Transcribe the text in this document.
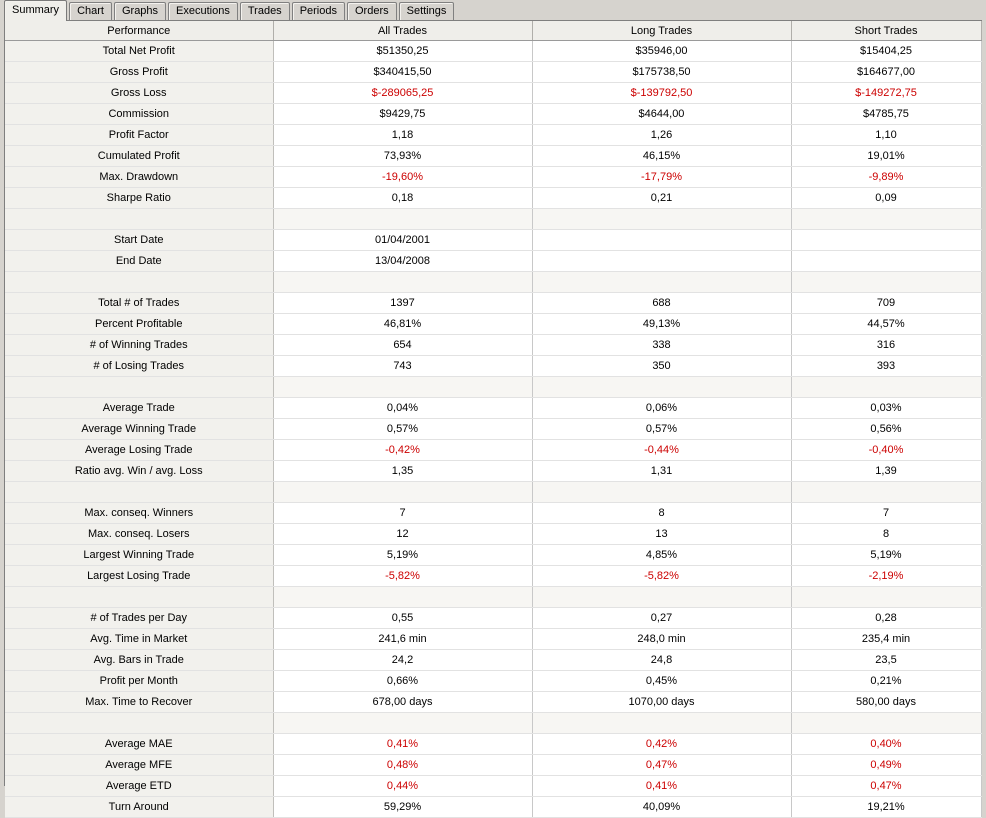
Summary	Chart	Graphs	Executions	Trades	Periods	Orders	Settings
Performance	All Trades	Long Trades	Short Trades
Total Net Profit	$51350,25	$35946,00	$15404,25
Gross Profit	$340415,50	$175738,50	$164677,00
Gross Loss	$-289065,25	$-139792,50	$-149272,75
Commission	$9429,75	$4644,00	$4785,75
Profit Factor	1,18	1,26	1,10
Cumulated Profit	73,93%	46,15%	19,01%
Max. Drawdown	-19,60%	-17,79%	-9,89%
Sharpe Ratio	0,18	0,21	0,09

Start Date	01/04/2001		
End Date	13/04/2008		

Total # of Trades	1397	688	709
Percent Profitable	46,81%	49,13%	44,57%
# of Winning Trades	654	338	316
# of Losing Trades	743	350	393

Average Trade	0,04%	0,06%	0,03%
Average Winning Trade	0,57%	0,57%	0,56%
Average Losing Trade	-0,42%	-0,44%	-0,40%
Ratio avg. Win / avg. Loss	1,35	1,31	1,39

Max. conseq. Winners	7	8	7
Max. conseq. Losers	12	13	8
Largest Winning Trade	5,19%	4,85%	5,19%
Largest Losing Trade	-5,82%	-5,82%	-2,19%

# of Trades per Day	0,55	0,27	0,28
Avg. Time in Market	241,6 min	248,0 min	235,4 min
Avg. Bars in Trade	24,2	24,8	23,5
Profit per Month	0,66%	0,45%	0,21%
Max. Time to Recover	678,00 days	1070,00 days	580,00 days

Average MAE	0,41%	0,42%	0,40%
Average MFE	0,48%	0,47%	0,49%
Average ETD	0,44%	0,41%	0,47%
Turn Around	59,29%	40,09%	19,21%
